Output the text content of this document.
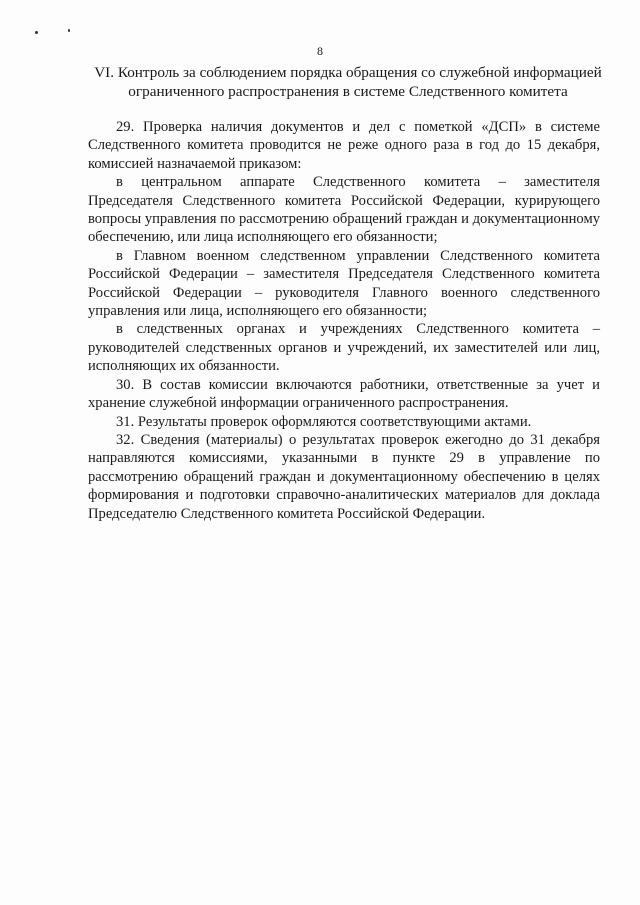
8
VI. Контроль за соблюдением порядка обращения со служебной информацией
ограниченного распространения в системе Следственного комитета

29. Проверка наличия документов и дел с пометкой «ДСП» в системе Следственного комитета проводится не реже одного раза в год до 15 декабря, комиссией назначаемой приказом:

в центральном аппарате Следственного комитета – заместителя Председателя Следственного комитета Российской Федерации, курирующего вопросы управления по рассмотрению обращений граждан и документационному обеспечению, или лица исполняющего его обязанности;

в Главном военном следственном управлении Следственного комитета Российской Федерации – заместителя Председателя Следственного комитета Российской Федерации – руководителя Главного военного следственного управления или лица, исполняющего его обязанности;

в следственных органах и учреждениях Следственного комитета – руководителей следственных органов и учреждений, их заместителей или лиц, исполняющих их обязанности.

30. В состав комиссии включаются работники, ответственные за учет и хранение служебной информации ограниченного распространения.

31. Результаты проверок оформляются соответствующими актами.

32. Сведения (материалы) о результатах проверок ежегодно до 31 декабря направляются комиссиями, указанными в пункте 29 в управление по рассмотрению обращений граждан и документационному обеспечению в целях формирования и подготовки справочно-аналитических материалов для доклада Председателю Следственного комитета Российской Федерации.
